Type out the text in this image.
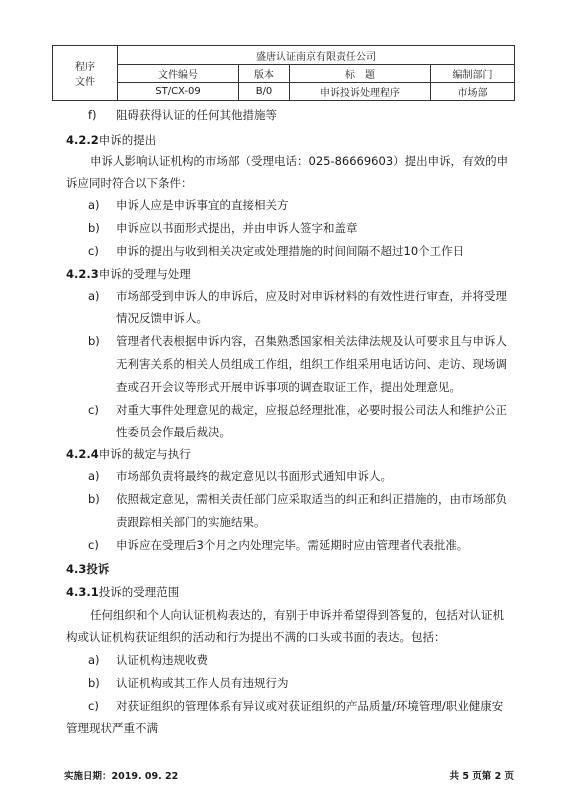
程序
文件	盛唐认证南京有限责任公司			
	文件编号	版本	标　题	编制部门
	ST/CX-09	B/0	申诉投诉处理程序	市场部
f) 阻碍获得认证的任何其他措施等
4.2.2申诉的提出
申诉人影响认证机构的市场部（受理电话：025-86669603）提出申诉，有效的申
诉应同时符合以下条件：
a) 申诉人应是申诉事宜的直接相关方
b) 申诉应以书面形式提出，并由申诉人签字和盖章
c) 申诉的提出与收到相关决定或处理措施的时间间隔不超过10个工作日
4.2.3申诉的受理与处理
a) 市场部受到申诉人的申诉后，应及时对申诉材料的有效性进行审查，并将受理
情况反馈申诉人。
b) 管理者代表根据申诉内容，召集熟悉国家相关法律法规及认可要求且与申诉人
无利害关系的相关人员组成工作组，组织工作组采用电话访问、走访、现场调
查或召开会议等形式开展申诉事项的调查取证工作，提出处理意见。
c) 对重大事件处理意见的裁定，应报总经理批准，必要时报公司法人和维护公正
性委员会作最后裁决。
4.2.4申诉的裁定与执行
a) 市场部负责将最终的裁定意见以书面形式通知申诉人。
b) 依照裁定意见，需相关责任部门应采取适当的纠正和纠正措施的，由市场部负
责跟踪相关部门的实施结果。
c) 申诉应在受理后3个月之内处理完毕。需延期时应由管理者代表批准。
4.3投诉
4.3.1投诉的受理范围
任何组织和个人向认证机构表达的，有别于申诉并希望得到答复的，包括对认证机
构或认证机构获证组织的活动和行为提出不满的口头或书面的表达。包括：
a) 认证机构违规收费
b) 认证机构或其工作人员有违规行为
c) 对获证组织的管理体系有异议或对获证组织的产品质量/环境管理/职业健康安
管理现状严重不满
实施日期：2019. 09. 22	共 5 页第 2 页
